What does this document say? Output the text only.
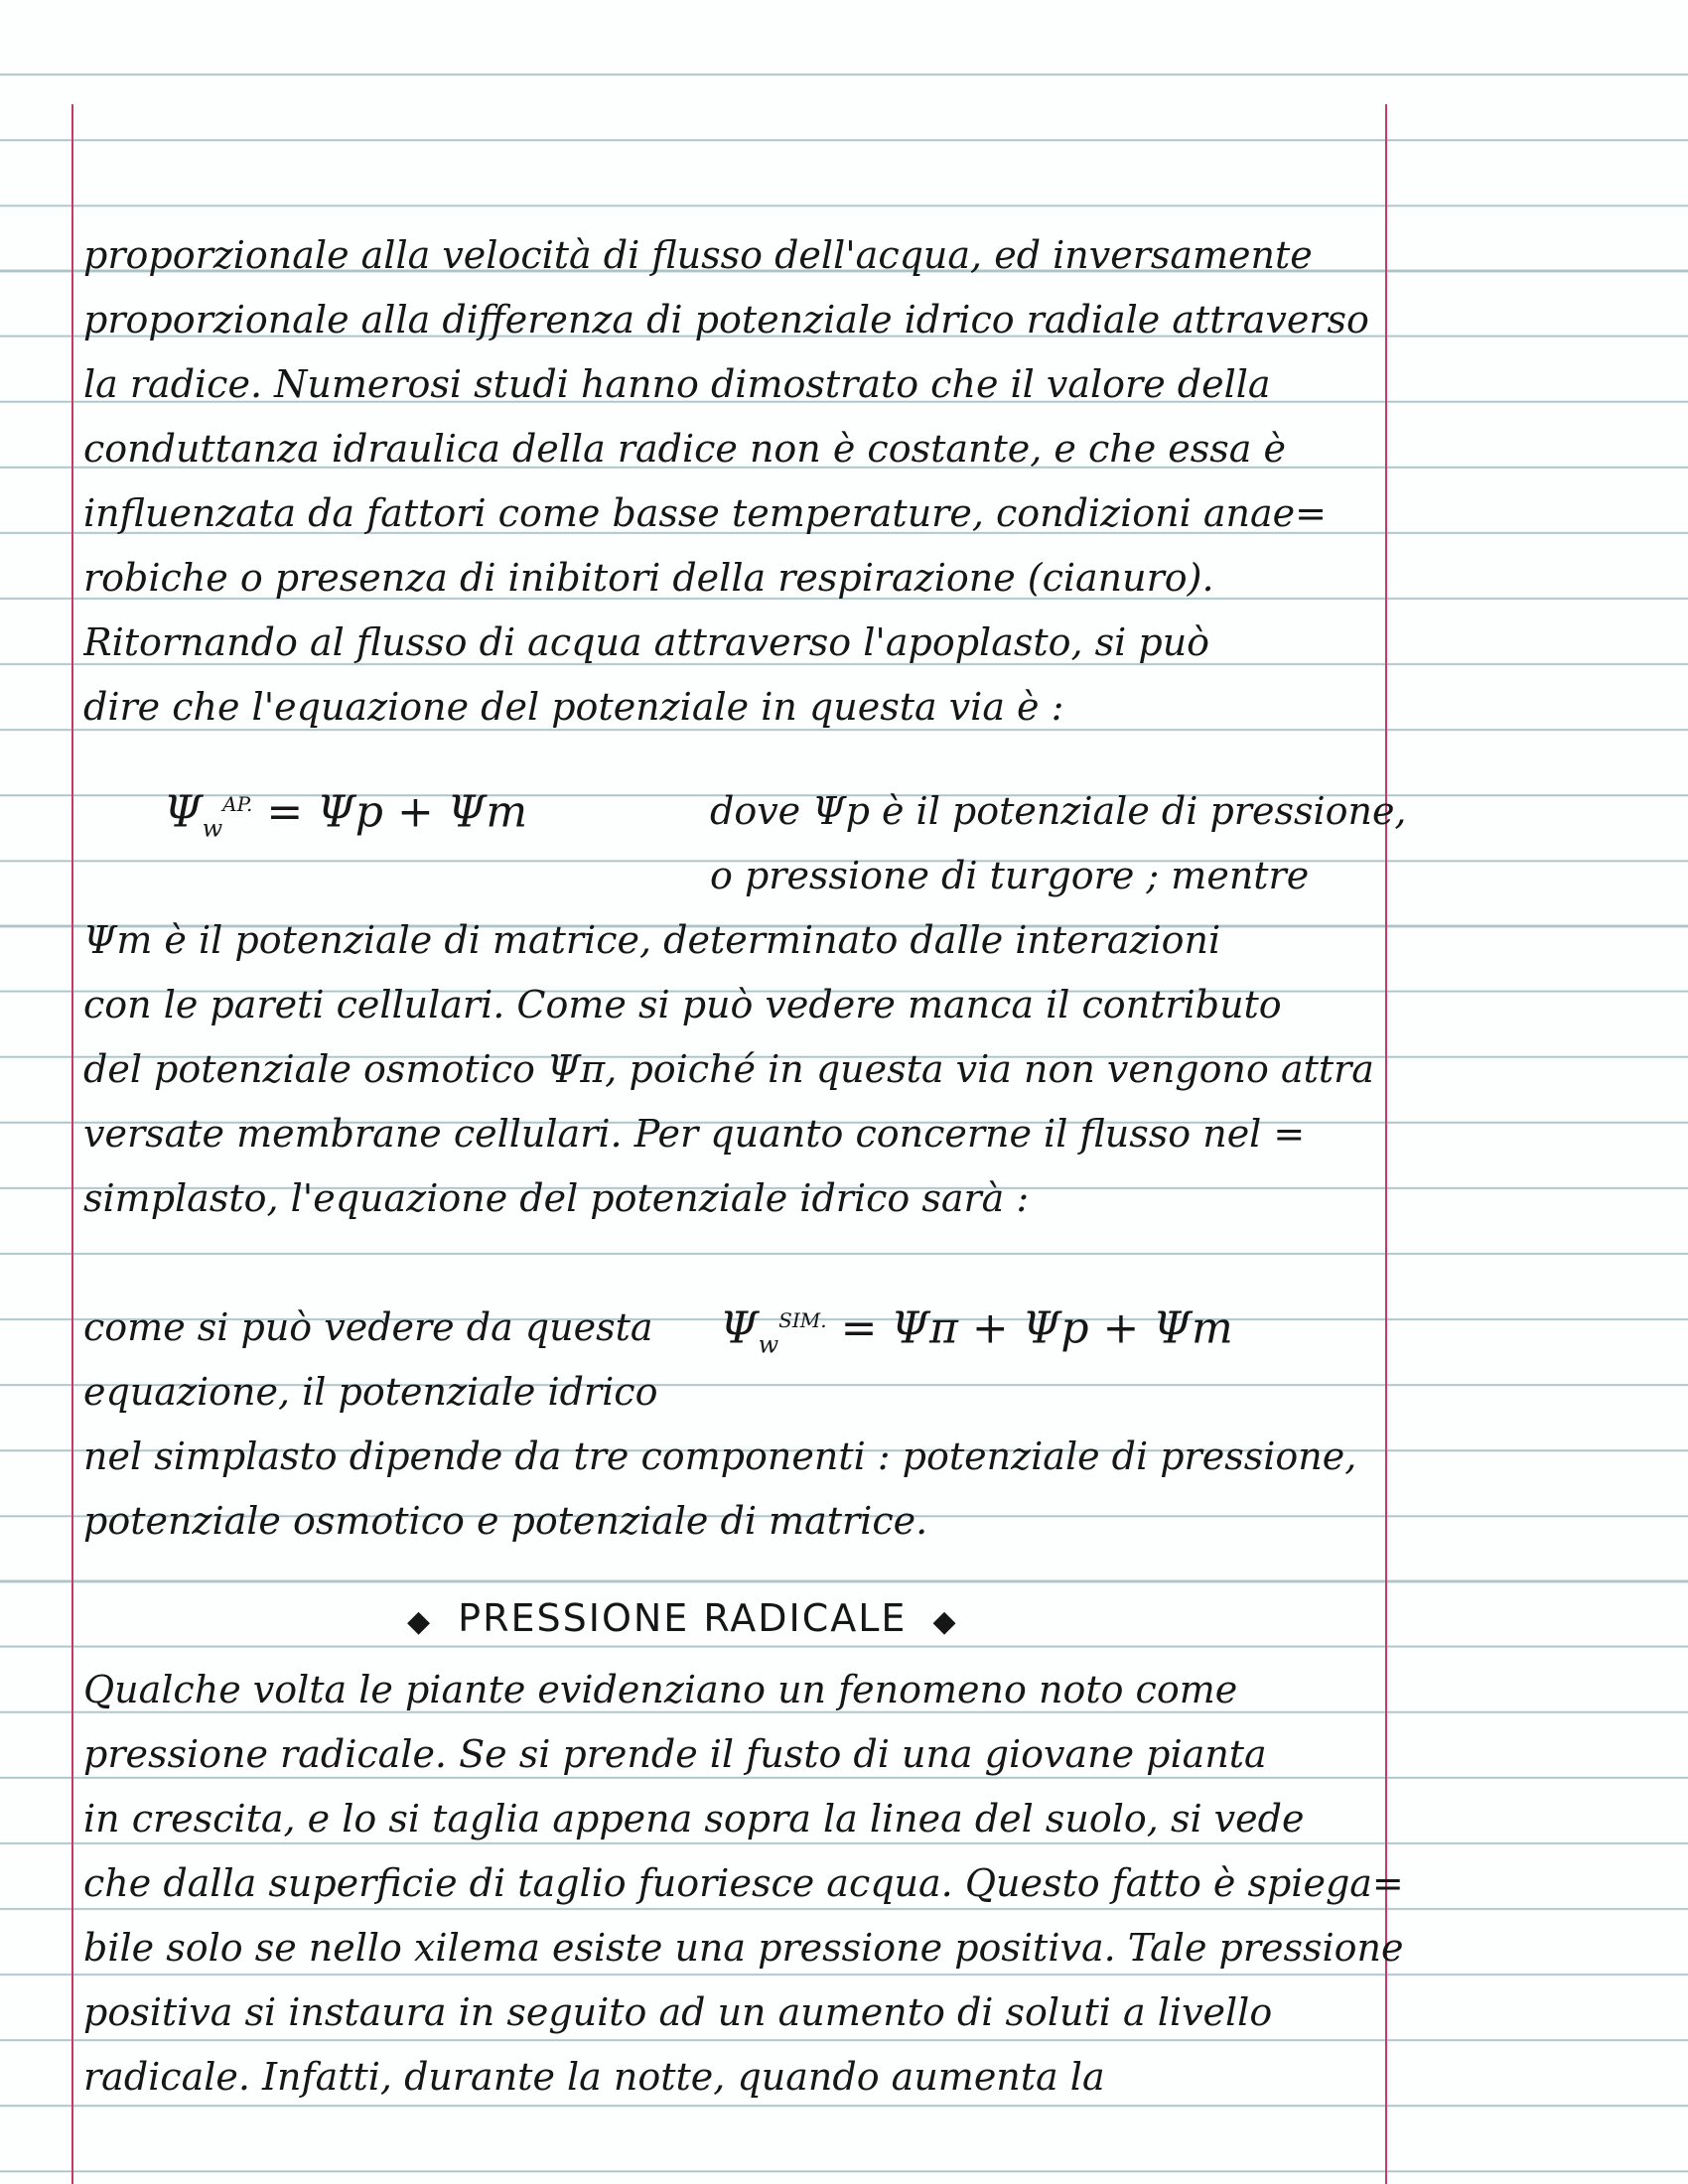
proporzionale alla velocità di flusso dell'acqua, ed inversamente
proporzionale alla differenza di potenziale idrico radiale attraverso
la radice. Numerosi studi hanno dimostrato che il valore della
conduttanza idraulica della radice non è costante, e che essa è
influenzata da fattori come basse temperature, condizioni anae=
robiche o presenza di inibitori della respirazione (cianuro).
Ritornando al flusso di acqua attraverso l'apoplasto, si può
dire che l'equazione del potenziale in questa via è :
$\Psi_w^{AP.} = \Psi p + \Psi m$	dove Ψp è il potenziale di pressione,
o pressione di turgore ; mentre
Ψm è il potenziale di matrice, determinato dalle interazioni
con le pareti cellulari. Come si può vedere manca il contributo
del potenziale osmotico Ψπ, poiché in questa via non vengono attra
versate membrane cellulari. Per quanto concerne il flusso nel =
simplasto, l'equazione del potenziale idrico sarà :
come si può vedere da questa	$\Psi_w^{SIM.} = \Psi\pi + \Psi p + \Psi m$
equazione, il potenziale idrico
nel simplasto dipende da tre componenti : potenziale di pressione,
potenziale osmotico e potenziale di matrice.
◆ PRESSIONE RADICALE ◆
Qualche volta le piante evidenziano un fenomeno noto come
pressione radicale. Se si prende il fusto di una giovane pianta
in crescita, e lo si taglia appena sopra la linea del suolo, si vede
che dalla superficie di taglio fuoriesce acqua. Questo fatto è spiega=
bile solo se nello xilema esiste una pressione positiva. Tale pressione
positiva si instaura in seguito ad un aumento di soluti a livello
radicale. Infatti, durante la notte, quando aumenta la
